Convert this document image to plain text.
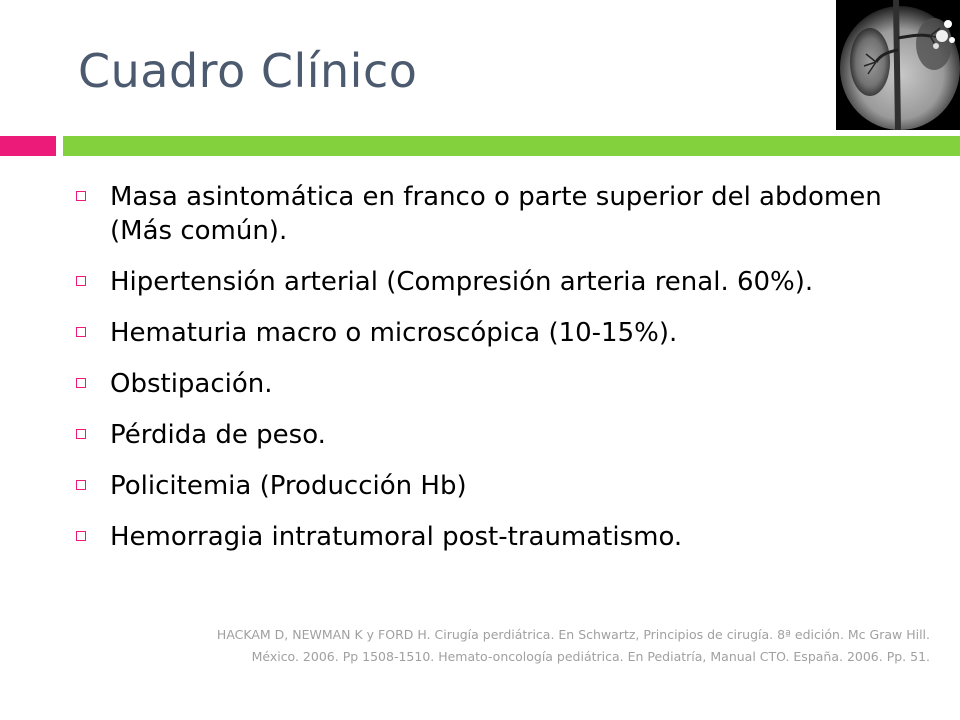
Cuadro Clínico
Masa asintomática en franco o parte superior del abdomen (Más común).
Hipertensión arterial (Compresión arteria renal. 60%).
Hematuria macro o microscópica (10-15%).
Obstipación.
Pérdida de peso.
Policitemia (Producción Hb)
Hemorragia intratumoral post-traumatismo.
HACKAM D, NEWMAN K y FORD H. Cirugía perdiátrica. En Schwartz, Principios de cirugía. 8ª edición. Mc Graw Hill.
México. 2006. Pp 1508-1510. Hemato-oncología pediátrica. En Pediatría, Manual CTO. España. 2006. Pp. 51.
